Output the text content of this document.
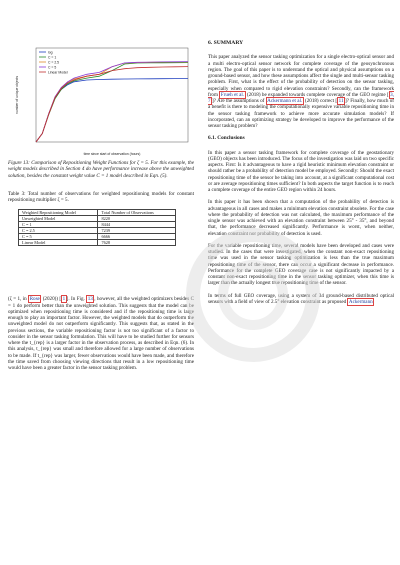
log
C = 1
C = 2.5
C = 5
Linear Model
time since start of observation (hours)
number of unique objects

Figure 13: Comparison of Repositioning Weight Functions for ζ = 5. For this example, the weight models described in Section 4 do have performance increase above the unweighted solution, besides the constant weight value C = 1 model described in Eqn. (5).

Table 3: Total number of observations for weighted repositioning models for constant repositioning multiplier ζ = 5.

Weighted Repositioning Model	Total Number of Observations
Unweighted Model	8220
C = 1	8444
C = 2.5	7239
C = 5	6666
Linear Model	7628

(ζ = 1, in Rose (2020)) [ 1 ]. In Fig. 13 , however, all the weighted optimizers besides C = 1 do perform better than the unweighted solution. This suggests that the model can be optimized when repositioning time is considered and if the repositioning time is large enough to play an important factor. However, the weighted models that do outperform the unweighted model do not outperform significantly. This suggests that, as stated in the previous sections, the variable repositioning factor is not too significant of a factor to consider in the sensor tasking formulation. This will have to be studied further for sensors where the t_{rep} is a larger factor in the observation process, as described in Eqn. (6). In this analysis, t_{rep} was small and therefore allowed for a large number of observations to be made. If t_{rep} was larger, fewer observations would have been made, and therefore the time saved from choosing viewing directions that result in a low repositioning time would have been a greater factor in the sensor tasking problem.

6. SUMMARY

This paper analyzed the sensor tasking optimization for a single electro-optical sensor and a multi electro-optical sensor network for complete coverage of the geosynchronous region. The goal of this paper is to understand the optical and physical assumptions on a ground-based sensor, and how these assumptions affect the single and multi-sensor tasking problem. First, what is the effect of the probability of detection on the sensor tasking, especially when compared to rigid elevation constraints? Secondly, can the framework from Frueh et al. (2018) be expanded towards complete coverage of the GEO regime [ 3, 7 ]? Are the assumptions of Ackermann et al. (2018) correct [ 11 ]? Finally, how much of a benefit is there to modeling the computationally expensive variable repositioning time in the sensor tasking framework to achieve more accurate simulation models? If incorporated, can an optimizing strategy be developed to improve the performance of the sensor tasking problem?

6.1. Conclusions

In this paper a sensor tasking framework for complete coverage of the geostationary (GEO) objects has been introduced. The focus of the investigation was laid on two specific aspects. First: Is it advantageous to have a rigid heuristic minimum elevation constraint or should rather be a probability of detection model be employed. Secondly: Should the exact repositioning time of the sensor be taking into account, at a significant computational cost or are average repositioning times sufficient? In both aspects the target function is to reach a complete coverage of the entire GEO region within 24 hours.

In this paper it has been shown that a computation of the probability of detection is advantageous in all cases and makes a minimum elevation constraint obsolete. For the case where the probability of detection was not calculated, the maximum performance of the single sensor was achieved with an elevation constraint between 25° - 35°, and beyond that, the performance decreased significantly. Performance is worst, when neither, elevation constraint nor probability of detection is used.

For the variable repositioning time, several models have been developed and cases were studied. In the cases that were investigated, when the constant non-exact repositioning time was used in the sensor tasking optimization is less than the true maximum repositioning time of the sensor, there can occur a significant decrease in performance. Performance for the complete GEO coverage case is not significantly impacted by a constant non-exact repositioning time in the sensor tasking optimizer, when this time is larger than the actually longest true repositioning time of the sensor.

In terms of full GEO coverage, using a system of 34 ground-based distributed optical sensors with a field of view of 2.5° elevation constraint as proposed Ackermann
